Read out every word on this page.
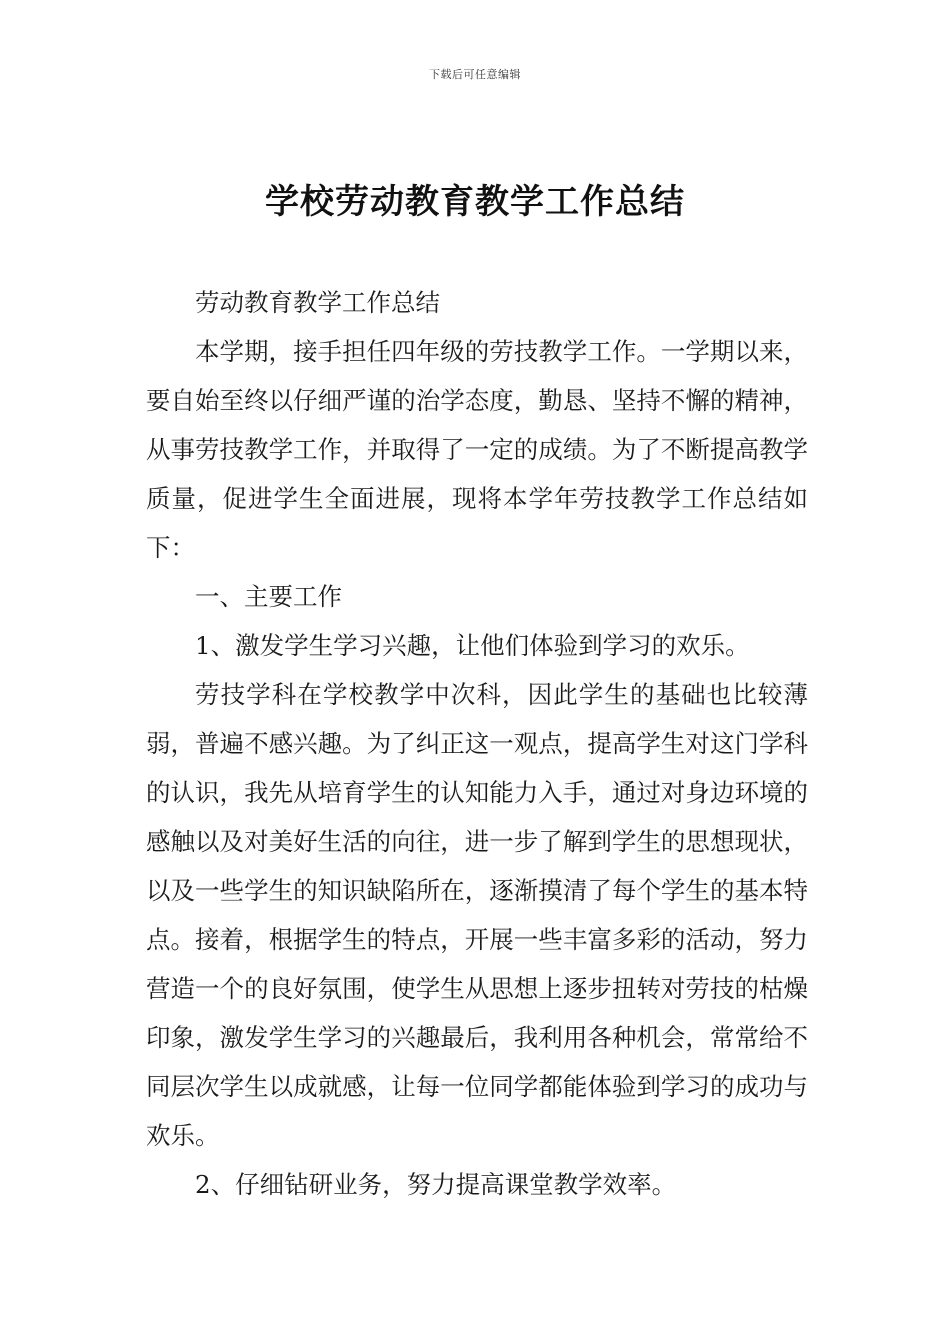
下载后可任意编辑
学校劳动教育教学工作总结

劳动教育教学工作总结

本学期，接手担任四年级的劳技教学工作。一学期以来，要自始至终以仔细严谨的治学态度，勤恳、坚持不懈的精神，从事劳技教学工作，并取得了一定的成绩。为了不断提高教学质量，促进学生全面进展，现将本学年劳技教学工作总结如下：

一、主要工作

1、激发学生学习兴趣，让他们体验到学习的欢乐。

劳技学科在学校教学中次科，因此学生的基础也比较薄弱，普遍不感兴趣。为了纠正这一观点，提高学生对这门学科的认识，我先从培育学生的认知能力入手，通过对身边环境的感触以及对美好生活的向往，进一步了解到学生的思想现状，以及一些学生的知识缺陷所在，逐渐摸清了每个学生的基本特点。接着，根据学生的特点，开展一些丰富多彩的活动，努力营造一个的良好氛围，使学生从思想上逐步扭转对劳技的枯燥印象，激发学生学习的兴趣最后，我利用各种机会，常常给不同层次学生以成就感，让每一位同学都能体验到学习的成功与欢乐。

2、仔细钻研业务，努力提高课堂教学效率。
